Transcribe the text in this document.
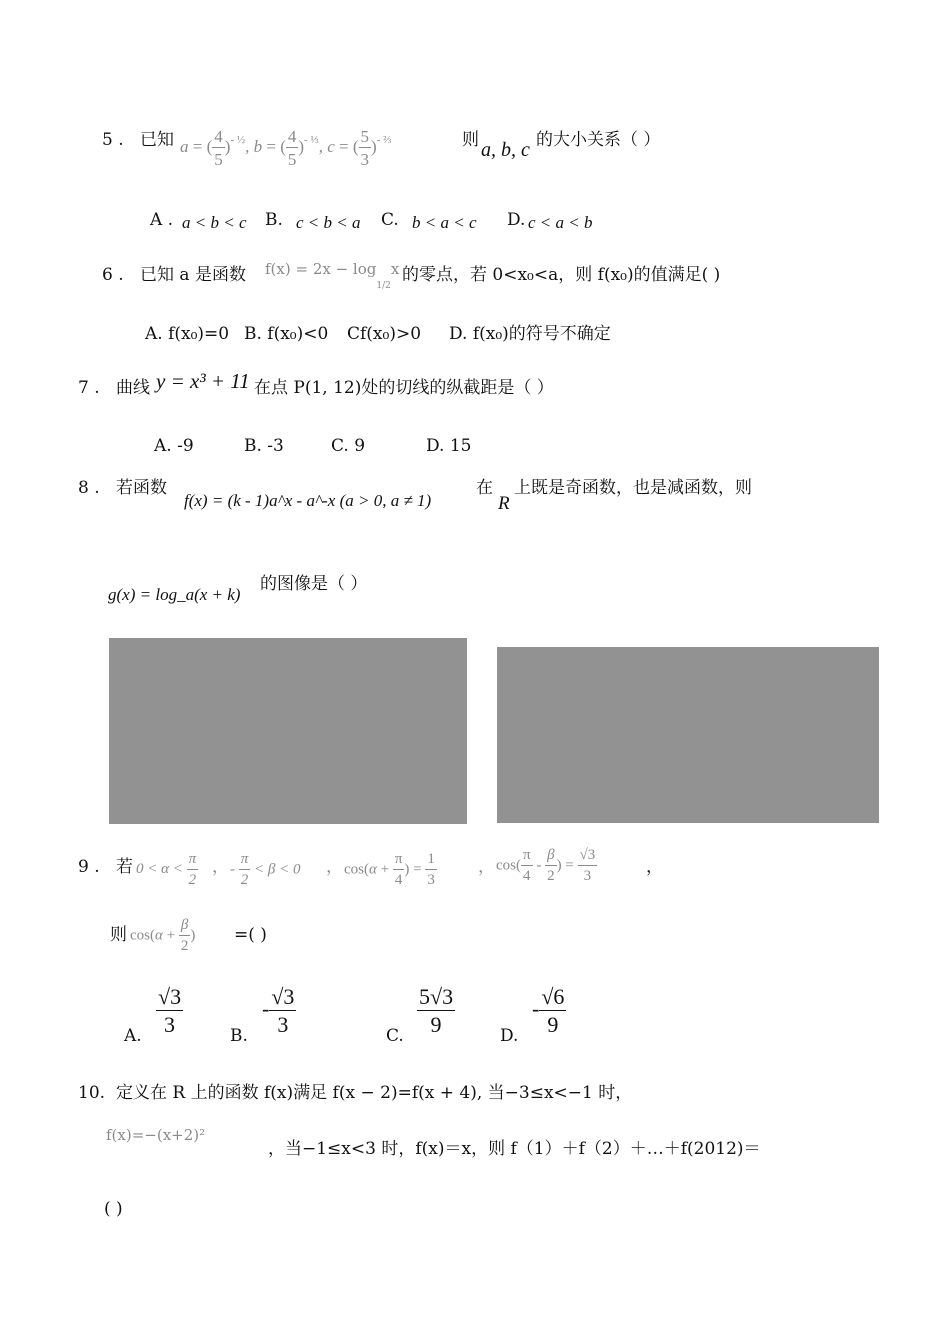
5 . 已知 a = ( $\frac{4}{5} )^{- \frac{1}{2}}$, b = ( $\frac{4}{5} )^{- \frac{1}{3}}$, c = ( $\frac{5}{3} )^{- \frac{2}{3}}$	则 a, b, c 的大小关系（ ）
A . a < b < c B. c < b < a C. b < a < c D. c < a < b
6 . 已知 a 是函数 $f(x) = 2x - \log_{1/2}x$ 的零点，若 0<x₀<a，则 f(x₀)的值满足( )
A. f(x₀)=0 B. f(x₀)<0 Cf(x₀)>0 D. f(x₀)的符号不确定
7 . 曲线 y = x³ + 11 在点 P(1, 12)处的切线的纵截距是（ ）
A. -9	B. -3	C. 9	D. 15
8 . 若函数
f(x) = (k - 1)a^x - a^-x (a > 0, a ≠ 1)
在
R
上既是奇函数，也是减函数，则
g(x) = log_a(x + k)
的图像是（ ）
9 . 若 $0 < \alpha < \frac{\pi}{2}$ ， - $\frac{\pi}{2} < \beta < 0$ ， $\cos(\alpha + \frac{\pi}{4}$ ) = $\frac{1}{3}$ ， $\cos( \frac{\pi}{4} - \frac{\beta}{2}$ ) = $\frac{√3}{3}$	，
则 $\cos(\alpha + \frac{\beta}{2}$ ) =( )
A. $\frac{√3}{3}$	B.
- $\frac{√3}{3}$	C. $\frac{5√3}{9}$	D.
- $\frac{√6}{9}$
10. 定义在 R 上的函数 f(x)满足 f(x − 2)=f(x + 4), 当−3≤x<−1 时，
f(x)=−(x+2)²
，当−1≤x<3 时，f(x)＝x，则 f（1）＋f（2）＋…＋f(2012)＝
( )
